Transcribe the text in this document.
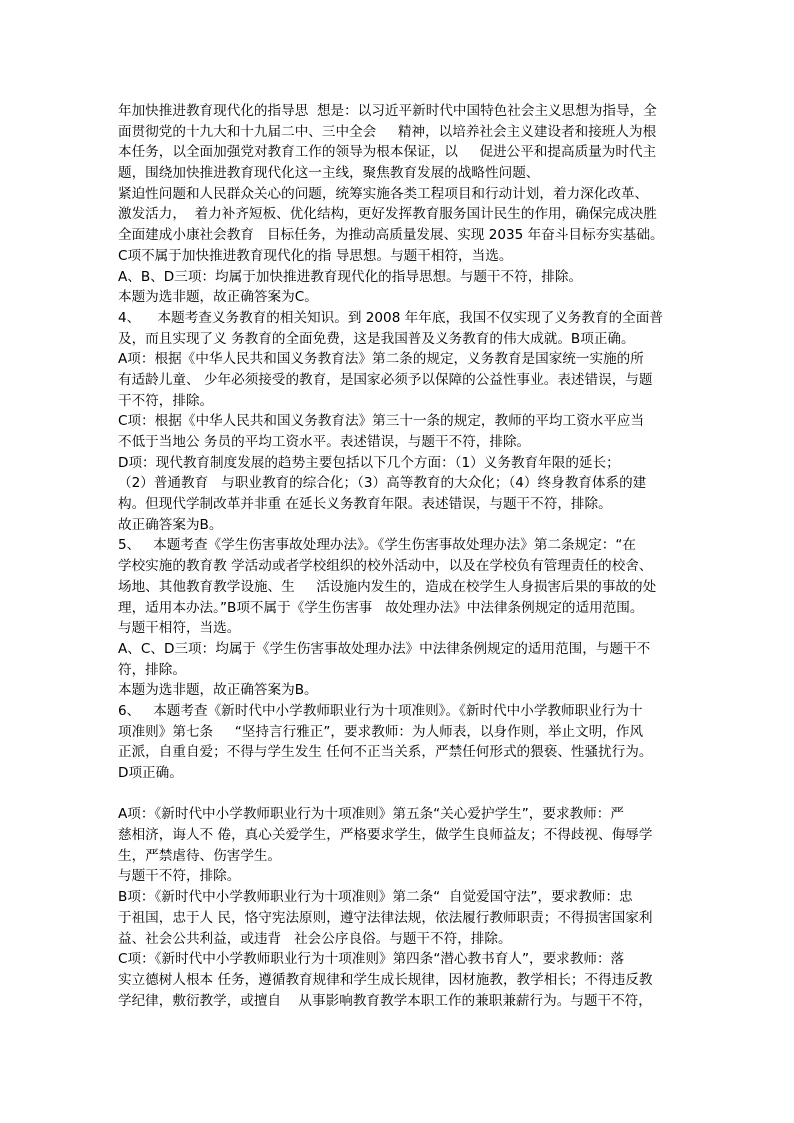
年加快推进教育现代化的指导思  想是：以习近平新时代中国特色社会主义思想为指导，全
面贯彻党的十九大和十九届二中、三中全会     精神，以培养社会主义建设者和接班人为根
本任务，以全面加强党对教育工作的领导为根本保证，以     促进公平和提高质量为时代主
题，围绕加快推进教育现代化这一主线，聚焦教育发展的战略性问题、
紧迫性问题和人民群众关心的问题，统筹实施各类工程项目和行动计划，着力深化改革、
激发活力，  着力补齐短板、优化结构，更好发挥教育服务国计民生的作用，确保完成决胜
全面建成小康社会教育   目标任务，为推动高质量发展、实现 2035 年奋斗目标夯实基础。
C项不属于加快推进教育现代化的指 导思想。与题干相符，当选。
A、B、D三项：均属于加快推进教育现代化的指导思想。与题干不符，排除。
本题为选非题，故正确答案为C。
4、    本题考查义务教育的相关知识。到 2008 年年底，我国不仅实现了义务教育的全面普
及，而且实现了义 务教育的全面免费，这是我国普及义务教育的伟大成就。B项正确。
A项：根据《中华人民共和国义务教育法》第二条的规定，义务教育是国家统一实施的所
有适龄儿童、 少年必须接受的教育，是国家必须予以保障的公益性事业。表述错误，与题
干不符，排除。
C项：根据《中华人民共和国义务教育法》第三十一条的规定，教师的平均工资水平应当
不低于当地公 务员的平均工资水平。表述错误，与题干不符，排除。
D项：现代教育制度发展的趋势主要包括以下几个方面：（1）义务教育年限的延长；
（2）普通教育   与职业教育的综合化；（3）高等教育的大众化；（4）终身教育体系的建
构。但现代学制改革并非重 在延长义务教育年限。表述错误，与题干不符，排除。
故正确答案为B。
5、   本题考查《学生伤害事故处理办法》。《学生伤害事故处理办法》第二条规定：“在
学校实施的教育教 学活动或者学校组织的校外活动中，以及在学校负有管理责任的校舍、
场地、其他教育教学设施、生     活设施内发生的，造成在校学生人身损害后果的事故的处
理，适用本办法。”B项不属于《学生伤害事   故处理办法》中法律条例规定的适用范围。
与题干相符，当选。
A、C、D三项：均属于《学生伤害事故处理办法》中法律条例规定的适用范围，与题干不
符，排除。
本题为选非题，故正确答案为B。
6、   本题考查《新时代中小学教师职业行为十项准则》。《新时代中小学教师职业行为十
项准则》第七条     “坚持言行雅正”，要求教师：为人师表，以身作则，举止文明，作风
正派，自重自爱；不得与学生发生 任何不正当关系，严禁任何形式的猥亵、性骚扰行为。
D项正确。
A项：《新时代中小学教师职业行为十项准则》第五条“关心爱护学生”，要求教师：严
慈相济，诲人不 倦，真心关爱学生，严格要求学生，做学生良师益友；不得歧视、侮辱学
生，严禁虐待、伤害学生。
与题干不符，排除。
B项：《新时代中小学教师职业行为十项准则》第二条“  自觉爱国守法”，要求教师：忠
于祖国，忠于人 民，恪守宪法原则，遵守法律法规，依法履行教师职责；不得损害国家利
益、社会公共利益，或违背   社会公序良俗。与题干不符，排除。
C项：《新时代中小学教师职业行为十项准则》第四条“潜心教书育人”，要求教师：落
实立德树人根本 任务，遵循教育规律和学生成长规律，因材施教，教学相长；不得违反教
学纪律，敷衍教学，或擅自    从事影响教育教学本职工作的兼职兼薪行为。与题干不符，
